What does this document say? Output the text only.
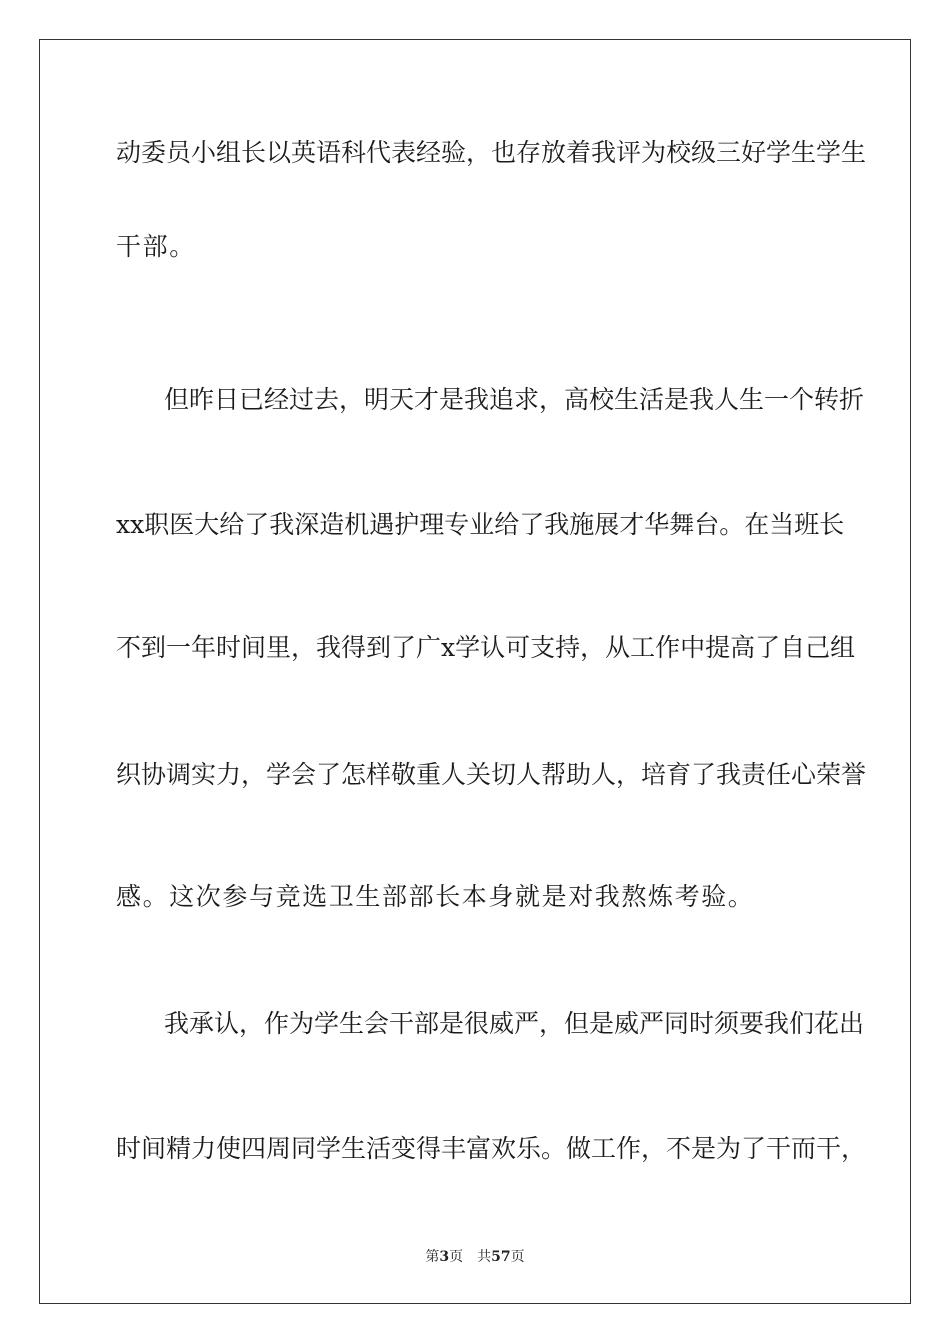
动委员小组长以英语科代表经验，也存放着我评为校级三好学生学生
干部。
但昨日已经过去，明天才是我追求，高校生活是我人生一个转折
xx职医大给了我深造机遇护理专业给了我施展才华舞台。在当班长
不到一年时间里，我得到了广x学认可支持，从工作中提高了自己组
织协调实力，学会了怎样敬重人关切人帮助人，培育了我责任心荣誉
感。这次参与竞选卫生部部长本身就是对我熬炼考验。
我承认，作为学生会干部是很威严，但是威严同时须要我们花出
时间精力使四周同学生活变得丰富欢乐。做工作，不是为了干而干，
第3页 共57页
